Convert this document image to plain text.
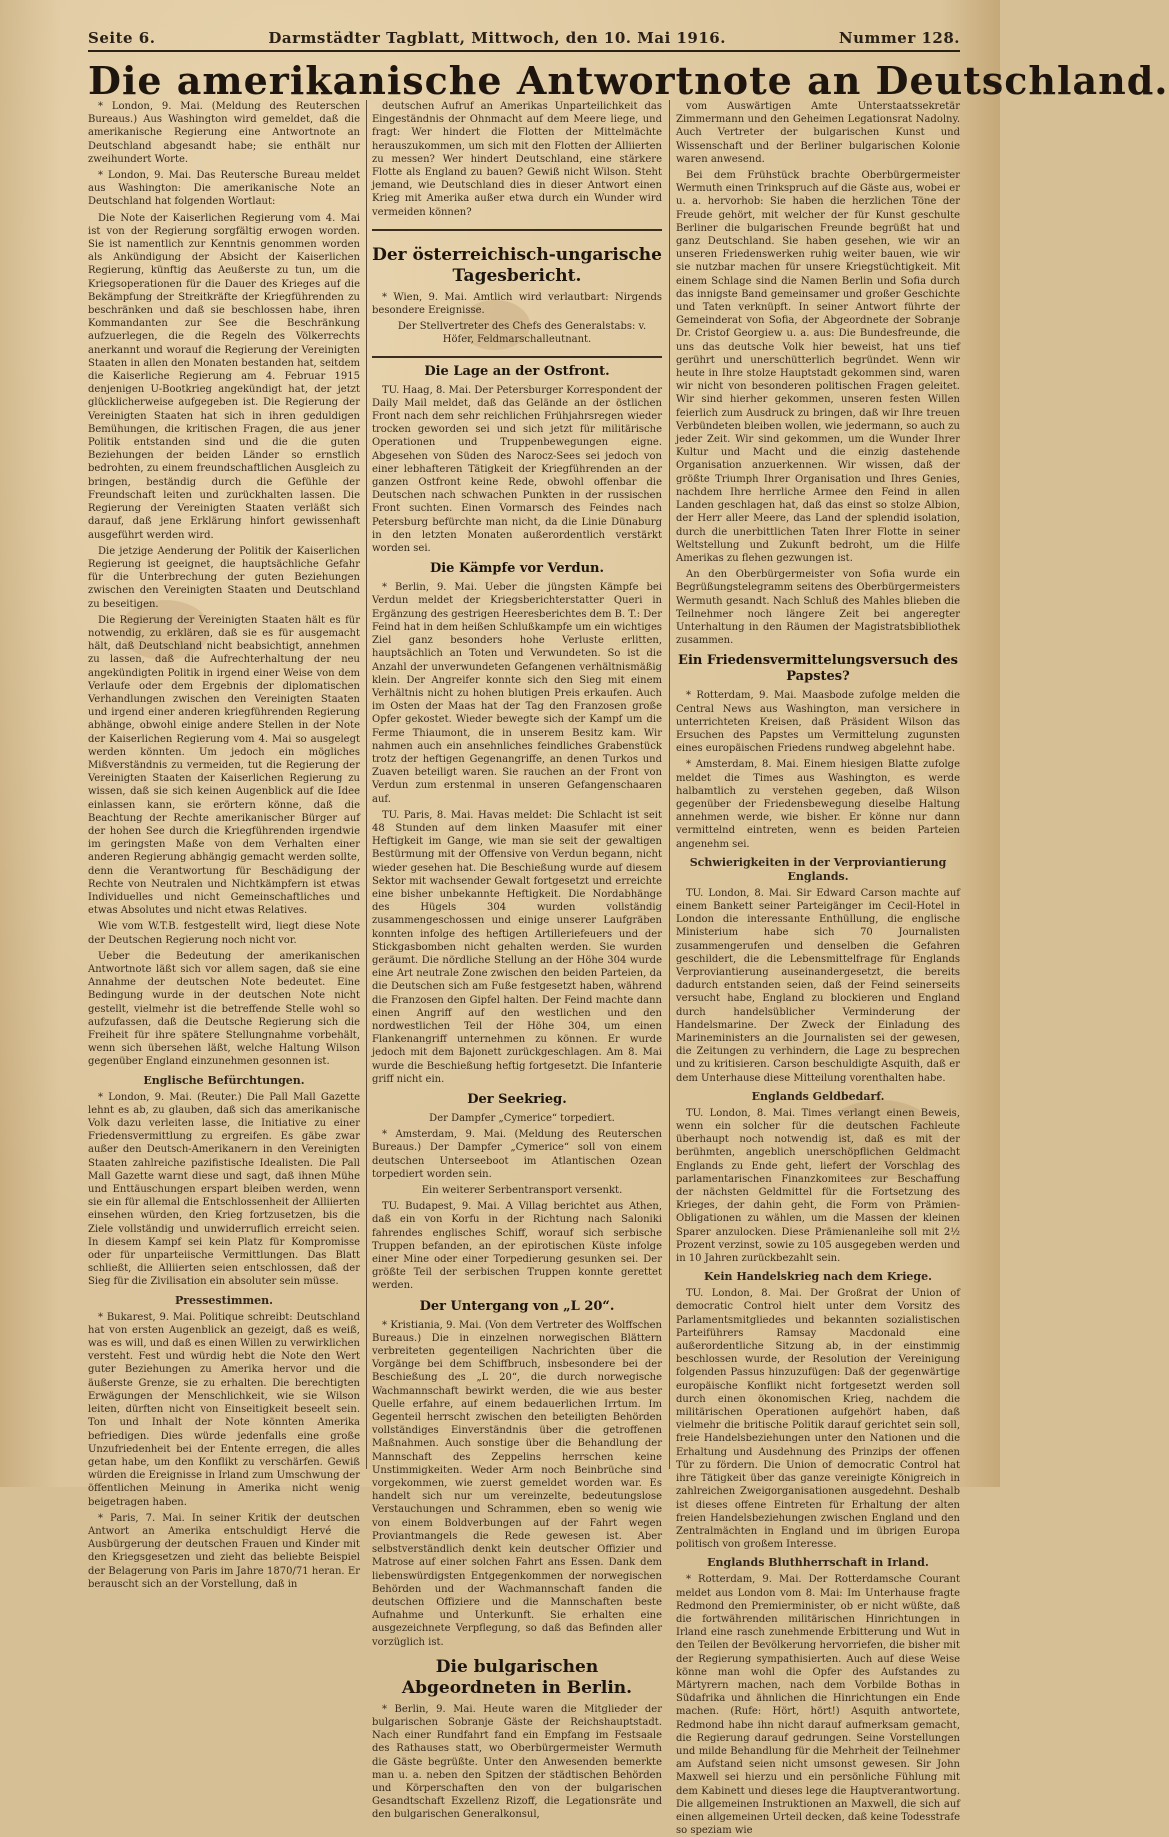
Seite 6.	Darmstädter Tagblatt, Mittwoch, den 10. Mai 1916.	Nummer 128.
Die amerikanische Antwortnote an Deutschland.

* London, 9. Mai. (Meldung des Reuterschen Bureaus.) Aus Washington wird gemeldet, daß die amerikanische Regierung eine Antwortnote an Deutschland abgesandt habe; sie enthält nur zweihundert Worte.

* London, 9. Mai. Das Reutersche Bureau meldet aus Washington: Die amerikanische Note an Deutschland hat folgenden Wortlaut:

Die Note der Kaiserlichen Regierung vom 4. Mai ist von der Regierung sorgfältig erwogen worden. Sie ist namentlich zur Kenntnis genommen worden als Ankündigung der Absicht der Kaiserlichen Regierung, künftig das Aeußerste zu tun, um die Kriegsoperationen für die Dauer des Krieges auf die Bekämpfung der Streitkräfte der Kriegführenden zu beschränken und daß sie beschlossen habe, ihren Kommandanten zur See die Beschränkung aufzuerlegen, die die Regeln des Völkerrechts anerkannt und worauf die Regierung der Vereinigten Staaten in allen den Monaten bestanden hat, seitdem die Kaiserliche Regierung am 4. Februar 1915 denjenigen U-Bootkrieg angekündigt hat, der jetzt glücklicherweise aufgegeben ist. Die Regierung der Vereinigten Staaten hat sich in ihren geduldigen Bemühungen, die kritischen Fragen, die aus jener Politik entstanden sind und die die guten Beziehungen der beiden Länder so ernstlich bedrohten, zu einem freundschaftlichen Ausgleich zu bringen, beständig durch die Gefühle der Freundschaft leiten und zurückhalten lassen. Die Regierung der Vereinigten Staaten verläßt sich darauf, daß jene Erklärung hinfort gewissenhaft ausgeführt werden wird.

Die jetzige Aenderung der Politik der Kaiserlichen Regierung ist geeignet, die hauptsächliche Gefahr für die Unterbrechung der guten Beziehungen zwischen den Vereinigten Staaten und Deutschland zu beseitigen.

Die Regierung der Vereinigten Staaten hält es für notwendig, zu erklären, daß sie es für ausgemacht hält, daß Deutschland nicht beabsichtigt, annehmen zu lassen, daß die Aufrechterhaltung der neu angekündigten Politik in irgend einer Weise von dem Verlaufe oder dem Ergebnis der diplomatischen Verhandlungen zwischen den Vereinigten Staaten und irgend einer anderen kriegführenden Regierung abhänge, obwohl einige andere Stellen in der Note der Kaiserlichen Regierung vom 4. Mai so ausgelegt werden könnten. Um jedoch ein mögliches Mißverständnis zu vermeiden, tut die Regierung der Vereinigten Staaten der Kaiserlichen Regierung zu wissen, daß sie sich keinen Augenblick auf die Idee einlassen kann, sie erörtern könne, daß die Beachtung der Rechte amerikanischer Bürger auf der hohen See durch die Kriegführenden irgendwie im geringsten Maße von dem Verhalten einer anderen Regierung abhängig gemacht werden sollte, denn die Verantwortung für Beschädigung der Rechte von Neutralen und Nichtkämpfern ist etwas Individuelles und nicht Gemeinschaftliches und etwas Absolutes und nicht etwas Relatives.

Wie vom W.T.B. festgestellt wird, liegt diese Note der Deutschen Regierung noch nicht vor.

Ueber die Bedeutung der amerikanischen Antwortnote läßt sich vor allem sagen, daß sie eine Annahme der deutschen Note bedeutet. Eine Bedingung wurde in der deutschen Note nicht gestellt, vielmehr ist die betreffende Stelle wohl so aufzufassen, daß die Deutsche Regierung sich die Freiheit für ihre spätere Stellungnahme vorbehält, wenn sich übersehen läßt, welche Haltung Wilson gegenüber England einzunehmen gesonnen ist.

Englische Befürchtungen.

* London, 9. Mai. (Reuter.) Die Pall Mall Gazette lehnt es ab, zu glauben, daß sich das amerikanische Volk dazu verleiten lasse, die Initiative zu einer Friedensvermittlung zu ergreifen. Es gäbe zwar außer den Deutsch-Amerikanern in den Vereinigten Staaten zahlreiche pazifistische Idealisten. Die Pall Mall Gazette warnt diese und sagt, daß ihnen Mühe und Enttäuschungen erspart bleiben werden, wenn sie ein für allemal die Entschlossenheit der Alliierten einsehen würden, den Krieg fortzusetzen, bis die Ziele vollständig und unwiderruflich erreicht seien. In diesem Kampf sei kein Platz für Kompromisse oder für unparteiische Vermittlungen. Das Blatt schließt, die Alliierten seien entschlossen, daß der Sieg für die Zivilisation ein absoluter sein müsse.

Pressestimmen.

* Bukarest, 9. Mai. Politique schreibt: Deutschland hat von ersten Augenblick an gezeigt, daß es weiß, was es will, und daß es einen Willen zu verwirklichen versteht. Fest und würdig hebt die Note den Wert guter Beziehungen zu Amerika hervor und die äußerste Grenze, sie zu erhalten. Die berechtigten Erwägungen der Menschlichkeit, wie sie Wilson leiten, dürften nicht von Einseitigkeit beseelt sein. Ton und Inhalt der Note könnten Amerika befriedigen. Dies würde jedenfalls eine große Unzufriedenheit bei der Entente erregen, die alles getan habe, um den Konflikt zu verschärfen. Gewiß würden die Ereignisse in Irland zum Umschwung der öffentlichen Meinung in Amerika nicht wenig beigetragen haben.

* Paris, 7. Mai. In seiner Kritik der deutschen Antwort an Amerika entschuldigt Hervé die Ausbürgerung der deutschen Frauen und Kinder mit den Kriegsgesetzen und zieht das beliebte Beispiel der Belagerung von Paris im Jahre 1870/71 heran. Er berauscht sich an der Vorstellung, daß in

deutschen Aufruf an Amerikas Unparteilichkeit das Eingeständnis der Ohnmacht auf dem Meere liege, und fragt: Wer hindert die Flotten der Mittelmächte herauszukommen, um sich mit den Flotten der Alliierten zu messen? Wer hindert Deutschland, eine stärkere Flotte als England zu bauen? Gewiß nicht Wilson. Steht jemand, wie Deutschland dies in dieser Antwort einen Krieg mit Amerika außer etwa durch ein Wunder wird vermeiden können?

Der österreichisch-ungarische Tagesbericht.

* Wien, 9. Mai. Amtlich wird verlautbart: Nirgends besondere Ereignisse.

Der Stellvertreter des Chefs des Generalstabs: v. Höfer, Feldmarschalleutnant.

Die Lage an der Ostfront.

TU. Haag, 8. Mai. Der Petersburger Korrespondent der Daily Mail meldet, daß das Gelände an der östlichen Front nach dem sehr reichlichen Frühjahrsregen wieder trocken geworden sei und sich jetzt für militärische Operationen und Truppenbewegungen eigne. Abgesehen von Süden des Narocz-Sees sei jedoch von einer lebhafteren Tätigkeit der Kriegführenden an der ganzen Ostfront keine Rede, obwohl offenbar die Deutschen nach schwachen Punkten in der russischen Front suchten. Einen Vormarsch des Feindes nach Petersburg befürchte man nicht, da die Linie Dünaburg in den letzten Monaten außerordentlich verstärkt worden sei.

Die Kämpfe vor Verdun.

* Berlin, 9. Mai. Ueber die jüngsten Kämpfe bei Verdun meldet der Kriegsberichterstatter Queri in Ergänzung des gestrigen Heeresberichtes dem B. T.: Der Feind hat in dem heißen Schlußkampfe um ein wichtiges Ziel ganz besonders hohe Verluste erlitten, hauptsächlich an Toten und Verwundeten. So ist die Anzahl der unverwundeten Gefangenen verhältnismäßig klein. Der Angreifer konnte sich den Sieg mit einem Verhältnis nicht zu hohen blutigen Preis erkaufen. Auch im Osten der Maas hat der Tag den Franzosen große Opfer gekostet. Wieder bewegte sich der Kampf um die Ferme Thiaumont, die in unserem Besitz kam. Wir nahmen auch ein ansehnliches feindliches Grabenstück trotz der heftigen Gegenangriffe, an denen Turkos und Zuaven beteiligt waren. Sie rauchen an der Front von Verdun zum erstenmal in unseren Gefangenschaaren auf.

TU. Paris, 8. Mai. Havas meldet: Die Schlacht ist seit 48 Stunden auf dem linken Maasufer mit einer Heftigkeit im Gange, wie man sie seit der gewaltigen Bestürmung mit der Offensive von Verdun begann, nicht wieder gesehen hat. Die Beschießung wurde auf diesem Sektor mit wachsender Gewalt fortgesetzt und erreichte eine bisher unbekannte Heftigkeit. Die Nordabhänge des Hügels 304 wurden vollständig zusammengeschossen und einige unserer Laufgräben konnten infolge des heftigen Artilleriefeuers und der Stickgasbomben nicht gehalten werden. Sie wurden geräumt. Die nördliche Stellung an der Höhe 304 wurde eine Art neutrale Zone zwischen den beiden Parteien, da die Deutschen sich am Fuße festgesetzt haben, während die Franzosen den Gipfel halten. Der Feind machte dann einen Angriff auf den westlichen und den nordwestlichen Teil der Höhe 304, um einen Flankenangriff unternehmen zu können. Er wurde jedoch mit dem Bajonett zurückgeschlagen. Am 8. Mai wurde die Beschießung heftig fortgesetzt. Die Infanterie griff nicht ein.

Der Seekrieg.

Der Dampfer „Cymerice“ torpediert.

* Amsterdam, 9. Mai. (Meldung des Reuterschen Bureaus.) Der Dampfer „Cymerice“ soll von einem deutschen Unterseeboot im Atlantischen Ozean torpediert worden sein.

Ein weiterer Serbentransport versenkt.

TU. Budapest, 9. Mai. A Villag berichtet aus Athen, daß ein von Korfu in der Richtung nach Saloniki fahrendes englisches Schiff, worauf sich serbische Truppen befanden, an der epirotischen Küste infolge einer Mine oder einer Torpedierung gesunken sei. Der größte Teil der serbischen Truppen konnte gerettet werden.

Der Untergang von „L 20“.

* Kristiania, 9. Mai. (Von dem Vertreter des Wolffschen Bureaus.) Die in einzelnen norwegischen Blättern verbreiteten gegenteiligen Nachrichten über die Vorgänge bei dem Schiffbruch, insbesondere bei der Beschießung des „L 20“, die durch norwegische Wachmannschaft bewirkt werden, die wie aus bester Quelle erfahre, auf einem bedauerlichen Irrtum. Im Gegenteil herrscht zwischen den beteiligten Behörden vollständiges Einverständnis über die getroffenen Maßnahmen. Auch sonstige über die Behandlung der Mannschaft des Zeppelins herrschen keine Unstimmigkeiten. Weder Arm noch Beinbrüche sind vorgekommen, wie zuerst gemeldet worden war. Es handelt sich nur um vereinzelte, bedeutungslose Verstauchungen und Schrammen, eben so wenig wie von einem Boldverbungen auf der Fahrt wegen Proviantmangels die Rede gewesen ist. Aber selbstverständlich denkt kein deutscher Offizier und Matrose auf einer solchen Fahrt ans Essen. Dank dem liebenswürdigsten Entgegenkommen der norwegischen Behörden und der Wachmannschaft fanden die deutschen Offiziere und die Mannschaften beste Aufnahme und Unterkunft. Sie erhalten eine ausgezeichnete Verpflegung, so daß das Befinden aller vorzüglich ist.

Die bulgarischen Abgeordneten in Berlin.

* Berlin, 9. Mai. Heute waren die Mitglieder der bulgarischen Sobranje Gäste der Reichshauptstadt. Nach einer Rundfahrt fand ein Empfang im Festsaale des Rathauses statt, wo Oberbürgermeister Wermuth die Gäste begrüßte. Unter den Anwesenden bemerkte man u. a. neben den Spitzen der städtischen Behörden und Körperschaften den von der bulgarischen Gesandtschaft Exzellenz Rizoff, die Legationsräte und den bulgarischen Generalkonsul,

vom Auswärtigen Amte Unterstaatssekretär Zimmermann und den Geheimen Legationsrat Nadolny. Auch Vertreter der bulgarischen Kunst und Wissenschaft und der Berliner bulgarischen Kolonie waren anwesend.

Bei dem Frühstück brachte Oberbürgermeister Wermuth einen Trinkspruch auf die Gäste aus, wobei er u. a. hervorhob: Sie haben die herzlichen Töne der Freude gehört, mit welcher der für Kunst geschulte Berliner die bulgarischen Freunde begrüßt hat und ganz Deutschland. Sie haben gesehen, wie wir an unseren Friedenswerken ruhig weiter bauen, wie wir sie nutzbar machen für unsere Kriegstüchtigkeit. Mit einem Schlage sind die Namen Berlin und Sofia durch das innigste Band gemeinsamer und großer Geschichte und Taten verknüpft. In seiner Antwort führte der Gemeinderat von Sofia, der Abgeordnete der Sobranje Dr. Cristof Georgiew u. a. aus: Die Bundesfreunde, die uns das deutsche Volk hier beweist, hat uns tief gerührt und unerschütterlich begründet. Wenn wir heute in Ihre stolze Hauptstadt gekommen sind, waren wir nicht von besonderen politischen Fragen geleitet. Wir sind hierher gekommen, unseren festen Willen feierlich zum Ausdruck zu bringen, daß wir Ihre treuen Verbündeten bleiben wollen, wie jedermann, so auch zu jeder Zeit. Wir sind gekommen, um die Wunder Ihrer Kultur und Macht und die einzig dastehende Organisation anzuerkennen. Wir wissen, daß der größte Triumph Ihrer Organisation und Ihres Genies, nachdem Ihre herrliche Armee den Feind in allen Landen geschlagen hat, daß das einst so stolze Albion, der Herr aller Meere, das Land der splendid isolation, durch die unerbittlichen Taten Ihrer Flotte in seiner Weltstellung und Zukunft bedroht, um die Hilfe Amerikas zu flehen gezwungen ist.

An den Oberbürgermeister von Sofia wurde ein Begrüßungstelegramm seitens des Oberbürgermeisters Wermuth gesandt. Nach Schluß des Mahles blieben die Teilnehmer noch längere Zeit bei angeregter Unterhaltung in den Räumen der Magistratsbibliothek zusammen.

Ein Friedensvermittelungsversuch des Papstes?

* Rotterdam, 9. Mai. Maasbode zufolge melden die Central News aus Washington, man versichere in unterrichteten Kreisen, daß Präsident Wilson das Ersuchen des Papstes um Vermittelung zugunsten eines europäischen Friedens rundweg abgelehnt habe.

* Amsterdam, 8. Mai. Einem hiesigen Blatte zufolge meldet die Times aus Washington, es werde halbamtlich zu verstehen gegeben, daß Wilson gegenüber der Friedensbewegung dieselbe Haltung annehmen werde, wie bisher. Er könne nur dann vermittelnd eintreten, wenn es beiden Parteien angenehm sei.

Schwierigkeiten in der Verproviantierung Englands.

TU. London, 8. Mai. Sir Edward Carson machte auf einem Bankett seiner Parteigänger im Cecil-Hotel in London die interessante Enthüllung, die englische Ministerium habe sich 70 Journalisten zusammengerufen und denselben die Gefahren geschildert, die die Lebensmittelfrage für Englands Verproviantierung auseinandergesetzt, die bereits dadurch entstanden seien, daß der Feind seinerseits versucht habe, England zu blockieren und England durch handelsüblicher Verminderung der Handelsmarine. Der Zweck der Einladung des Marineministers an die Journalisten sei der gewesen, die Zeitungen zu verhindern, die Lage zu besprechen und zu kritisieren. Carson beschuldigte Asquith, daß er dem Unterhause diese Mitteilung vorenthalten habe.

Englands Geldbedarf.

TU. London, 8. Mai. Times verlangt einen Beweis, wenn ein solcher für die deutschen Fachleute überhaupt noch notwendig ist, daß es mit der berühmten, angeblich unerschöpflichen Geldmacht Englands zu Ende geht, liefert der Vorschlag des parlamentarischen Finanzkomitees zur Beschaffung der nächsten Geldmittel für die Fortsetzung des Krieges, der dahin geht, die Form von Prämien-Obligationen zu wählen, um die Massen der kleinen Sparer anzulocken. Diese Prämienanleihe soll mit 2½ Prozent verzinst, sowie zu 105 ausgegeben werden und in 10 Jahren zurückbezahlt sein.

Kein Handelskrieg nach dem Kriege.

TU. London, 8. Mai. Der Großrat der Union of democratic Control hielt unter dem Vorsitz des Parlamentsmitgliedes und bekannten sozialistischen Parteiführers Ramsay Macdonald eine außerordentliche Sitzung ab, in der einstimmig beschlossen wurde, der Resolution der Vereinigung folgenden Passus hinzuzufügen: Daß der gegenwärtige europäische Konflikt nicht fortgesetzt werden soll durch einen ökonomischen Krieg, nachdem die militärischen Operationen aufgehört haben, daß vielmehr die britische Politik darauf gerichtet sein soll, freie Handelsbeziehungen unter den Nationen und die Erhaltung und Ausdehnung des Prinzips der offenen Tür zu fördern. Die Union of democratic Control hat ihre Tätigkeit über das ganze vereinigte Königreich in zahlreichen Zweigorganisationen ausgedehnt. Deshalb ist dieses offene Eintreten für Erhaltung der alten freien Handelsbeziehungen zwischen England und den Zentralmächten in England und im übrigen Europa politisch von großem Interesse.

Englands Bluthherrschaft in Irland.

* Rotterdam, 9. Mai. Der Rotterdamsche Courant meldet aus London vom 8. Mai: Im Unterhause fragte Redmond den Premierminister, ob er nicht wüßte, daß die fortwährenden militärischen Hinrichtungen in Irland eine rasch zunehmende Erbitterung und Wut in den Teilen der Bevölkerung hervorriefen, die bisher mit der Regierung sympathisierten. Auch auf diese Weise könne man wohl die Opfer des Aufstandes zu Märtyrern machen, nach dem Vorbilde Bothas in Südafrika und ähnlichen die Hinrichtungen ein Ende machen. (Rufe: Hört, hört!) Asquith antwortete, Redmond habe ihn nicht darauf aufmerksam gemacht, die Regierung darauf gedrungen. Seine Vorstellungen und milde Behandlung für die Mehrheit der Teilnehmer am Aufstand seien nicht umsonst gewesen. Sir John Maxwell sei hierzu und ein persönliche Fühlung mit dem Kabinett und dieses lege die Hauptverantwortung. Die allgemeinen Instruktionen an Maxwell, die sich auf einen allgemeinen Urteil decken, daß keine Todesstrafe so speziam wie
